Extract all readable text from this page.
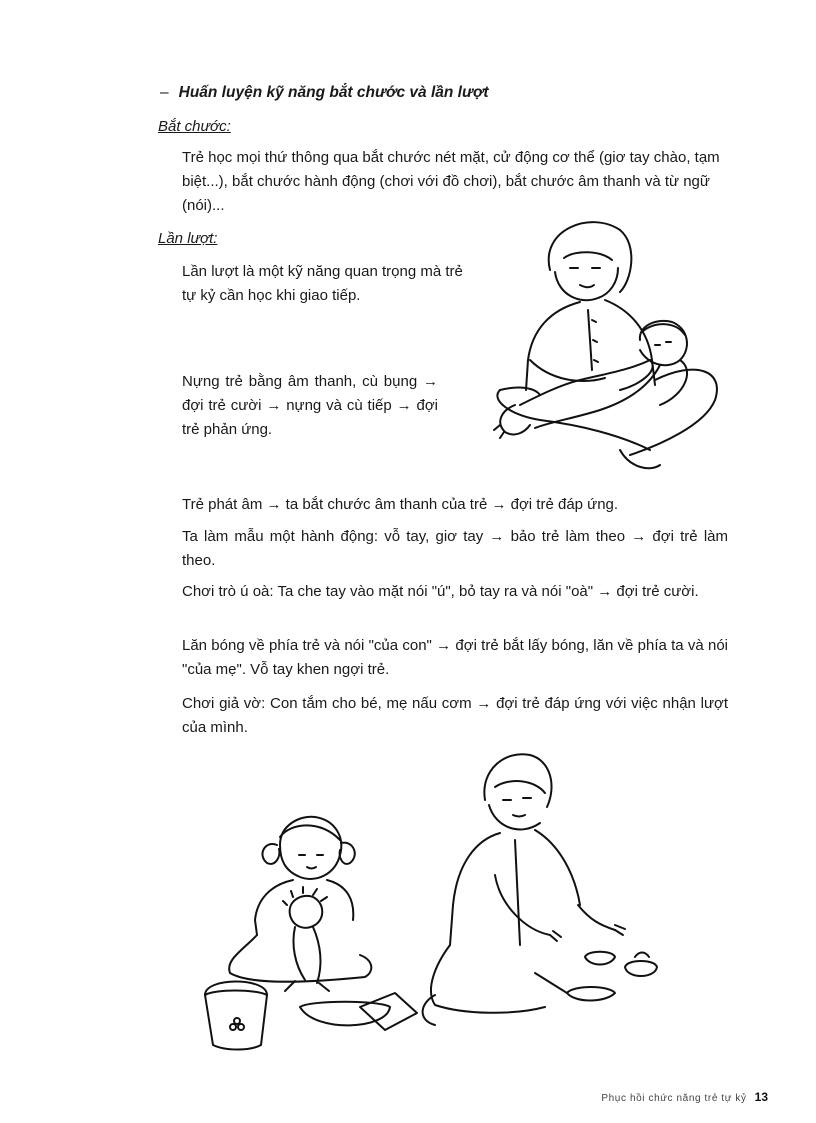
– Huấn luyện kỹ năng bắt chước và lần lượt
Bắt chước:
Trẻ học mọi thứ thông qua bắt chước nét mặt, cử động cơ thể (giơ tay chào, tạm biệt...), bắt chước hành động (chơi với đồ chơi), bắt chước âm thanh và từ ngữ (nói)...
Lần lượt:
Lần lượt là một kỹ năng quan trọng mà trẻ tự kỷ cần học khi giao tiếp.
Nựng trẻ bằng âm thanh, cù bụng → đợi trẻ cười → nựng và cù tiếp → đợi trẻ phản ứng.
Trẻ phát âm → ta bắt chước âm thanh của trẻ → đợi trẻ đáp ứng.
Ta làm mẫu một hành động: vỗ tay, giơ tay → bảo trẻ làm theo → đợi trẻ làm theo.
Chơi trò ú oà: Ta che tay vào mặt nói "ú", bỏ tay ra và nói "oà" → đợi trẻ cười.
Lăn bóng về phía trẻ và nói "của con" → đợi trẻ bắt lấy bóng, lăn về phía ta và nói "của mẹ". Vỗ tay khen ngợi trẻ.
Chơi giả vờ: Con tắm cho bé, mẹ nấu cơm → đợi trẻ đáp ứng với việc nhận lượt của mình.
Phục hồi chức năng trẻ tự kỷ 13
